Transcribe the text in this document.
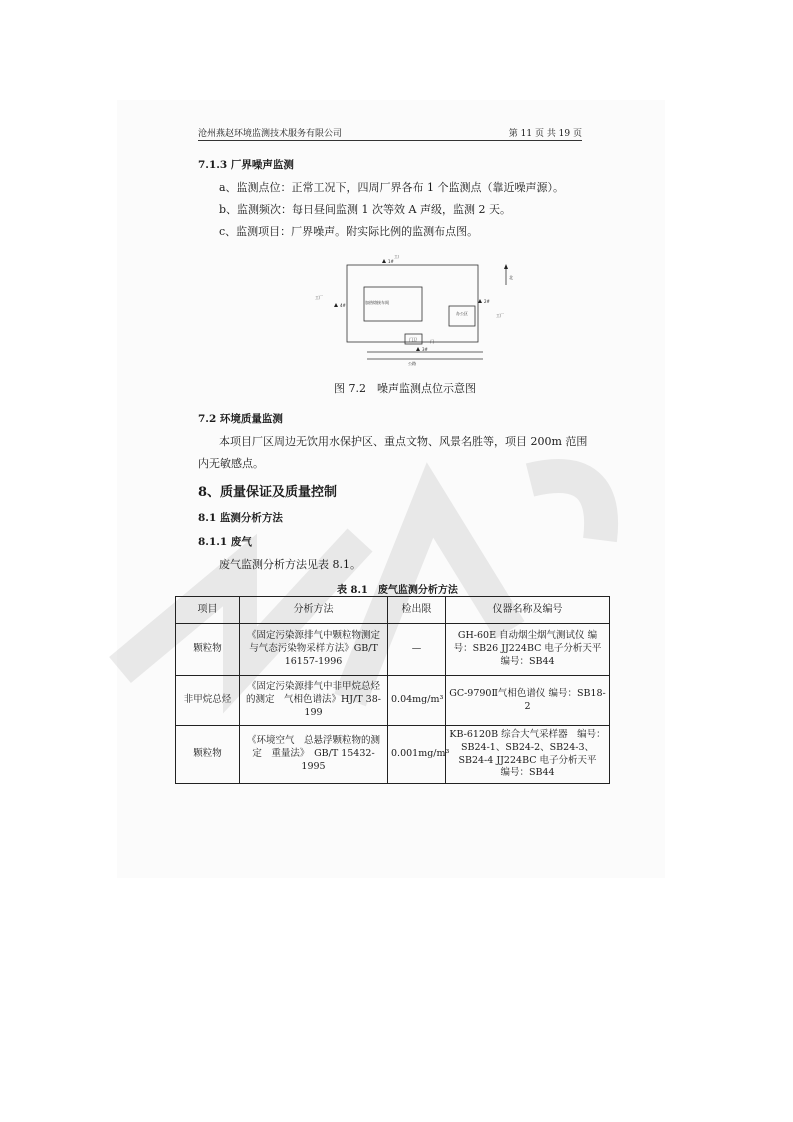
沧州燕赵环境监测技术服务有限公司	第 11 页 共 19 页
7.1.3 厂界噪声监测
a、监测点位：正常工况下，四周厂界各布 1 个监测点（靠近噪声源）。
b、监测频次：每日昼间监测 1 次等效 A 声级，监测 2 天。
c、监测项目：厂界噪声。附实际比例的监测布点图。
工厂
工厂
工厂
北
加热熔接车间
办公区
门卫	门
公路
1#
2#
3#
4#
图 7.2　噪声监测点位示意图
7.2 环境质量监测
本项目厂区周边无饮用水保护区、重点文物、风景名胜等，项目 200m 范围
内无敏感点。
8、质量保证及质量控制
8.1 监测分析方法
8.1.1 废气
废气监测分析方法见表 8.1。
表 8.1　废气监测分析方法
项目	分析方法	检出限	仪器名称及编号
颗粒物	《固定污染源排气中颗粒物测定与气态污染物采样方法》GB/T 16157-1996	—	GH-60E 自动烟尘烟气测试仪 编号：SB26 JJ224BC 电子分析天平　编号：SB44
非甲烷总烃	《固定污染源排气中非甲烷总烃的测定　气相色谱法》HJ/T 38-199	0.04mg/m³	GC-9790Ⅱ气相色谱仪 编号：SB18-2
颗粒物	《环境空气　总悬浮颗粒物的测定　重量法》　GB/T 15432-1995	0.001mg/m³	KB-6120B 综合大气采样器　编号：SB24-1、SB24-2、SB24-3、SB24-4 JJ224BC 电子分析天平　编号：SB44
